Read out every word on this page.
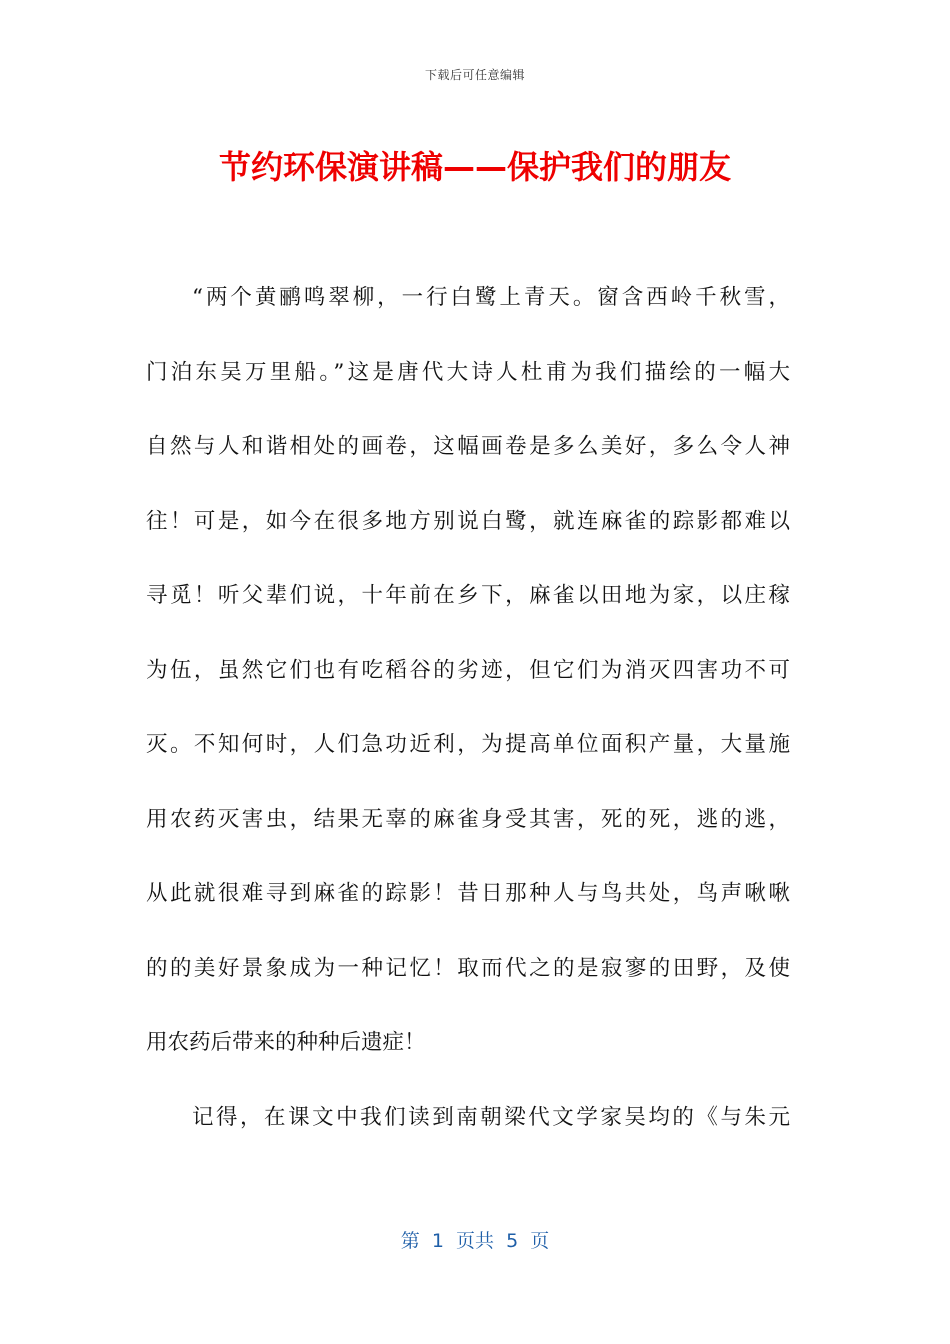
下载后可任意编辑
节约环保演讲稿——保护我们的朋友
“两个黄鹂鸣翠柳，一行白鹭上青天。窗含西岭千秋雪，
门泊东吴万里船。”这是唐代大诗人杜甫为我们描绘的一幅大
自然与人和谐相处的画卷，这幅画卷是多么美好，多么令人神
往！可是，如今在很多地方别说白鹭，就连麻雀的踪影都难以
寻觅！听父辈们说，十年前在乡下，麻雀以田地为家，以庄稼
为伍，虽然它们也有吃稻谷的劣迹，但它们为消灭四害功不可
灭。不知何时，人们急功近利，为提高单位面积产量，大量施
用农药灭害虫，结果无辜的麻雀身受其害，死的死，逃的逃，
从此就很难寻到麻雀的踪影！昔日那种人与鸟共处，鸟声啾啾
的的美好景象成为一种记忆！取而代之的是寂寥的田野，及使
用农药后带来的种种后遗症！
记得，在课文中我们读到南朝梁代文学家吴均的《与朱元
第  1  页共  5  页
